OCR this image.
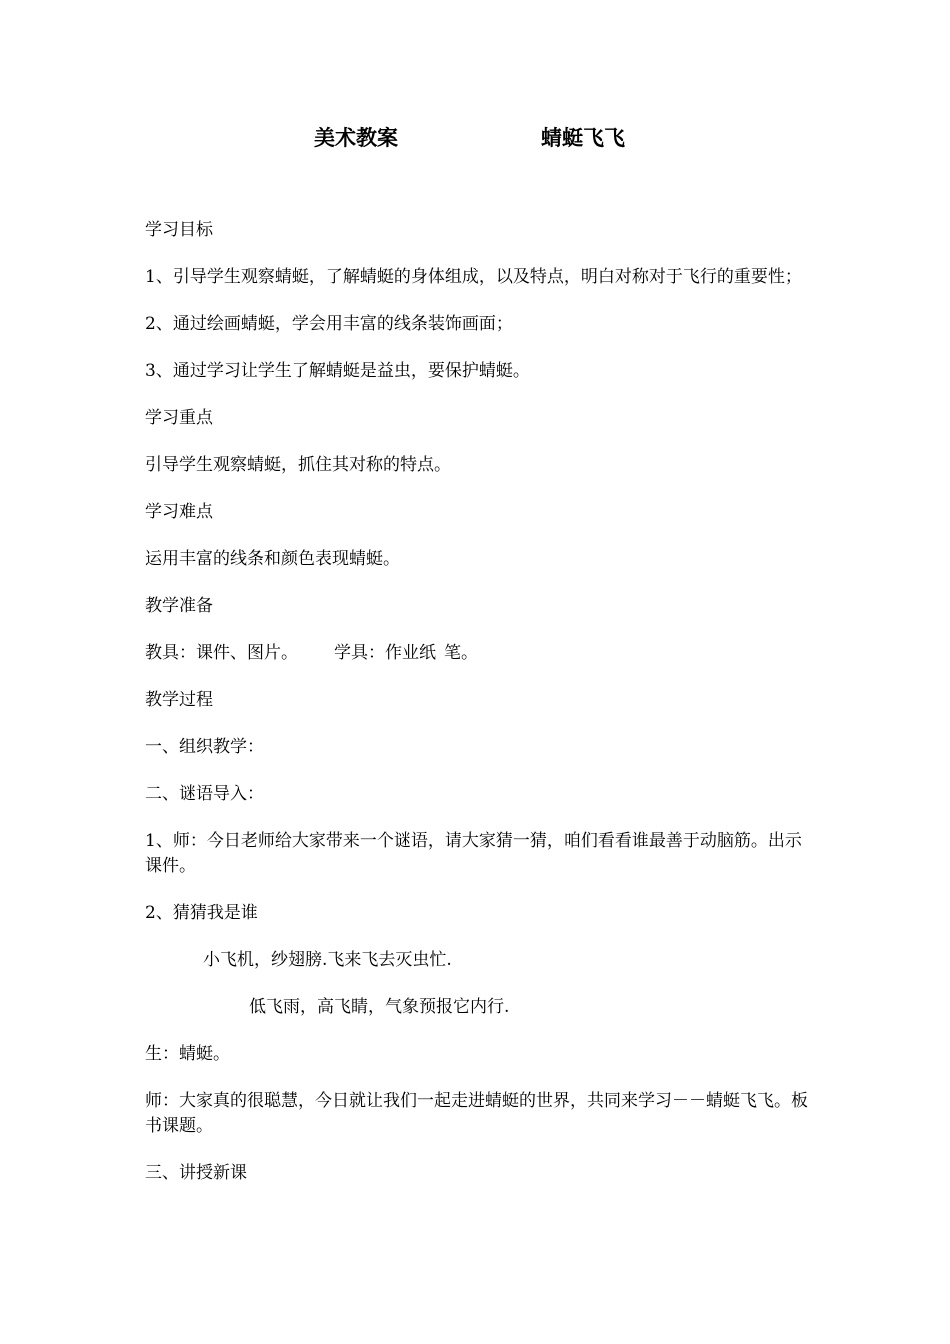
美术教案	蜻蜓飞飞

学习目标

1、引导学生观察蜻蜓，了解蜻蜓的身体组成，以及特点，明白对称对于飞行的重要性；

2、通过绘画蜻蜓，学会用丰富的线条装饰画面；

3、通过学习让学生了解蜻蜓是益虫，要保护蜻蜓。

学习重点

引导学生观察蜻蜓，抓住其对称的特点。

学习难点

运用丰富的线条和颜色表现蜻蜓。

教学准备

教具：课件、图片。 学具：作业纸 笔。

教学过程

一、组织教学：

二、谜语导入：

1、师：今日老师给大家带来一个谜语，请大家猜一猜，咱们看看谁最善于动脑筋。出示课件。

2、猜猜我是谁

小飞机，纱翅膀.飞来飞去灭虫忙.

低飞雨，高飞睛，气象预报它内行.

生：蜻蜓。

师：大家真的很聪慧，今日就让我们一起走进蜻蜓的世界，共同来学习－－蜻蜓飞飞。板书课题。

三、讲授新课
